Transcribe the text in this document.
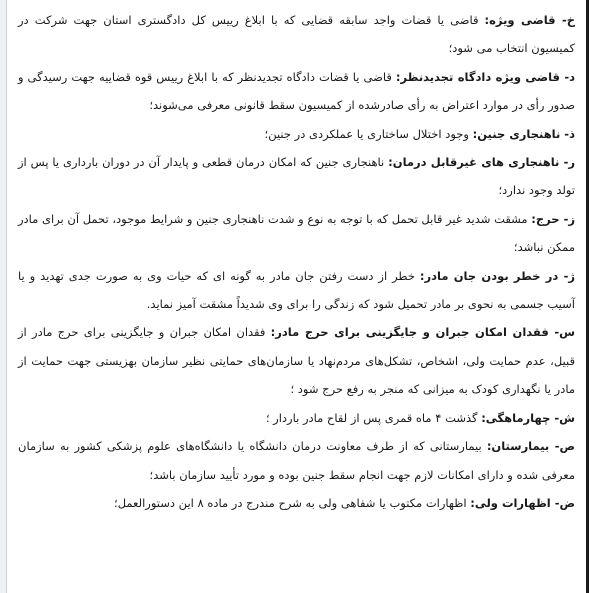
خ- قاضی ویژه: قاضی یا قضات واجد سابقه قضایی که با ابلاغ رییس کل دادگستری استان جهت شرکت در کمیسیون انتخاب می شود؛

د- قاضی ویژه دادگاه تجدیدنظر: قاضی یا قضات دادگاه تجدیدنظر که با ابلاغ رییس قوه قضاییه جهت رسیدگی و صدور رأی در موارد اعتراض به رأی صادرشده از کمیسیون سقط قانونی معرفی می‌شوند؛

ذ- ناهنجاری جنین: وجود اختلال ساختاری یا عملکردی در جنین؛

ر- ناهنجاری های غیرقابل درمان: ناهنجاری جنین که امکان درمان قطعی و پایدار آن در دوران بارداری یا پس از تولد وجود ندارد؛

ز- حرج: مشقت شدید غیر قابل تحمل که با توجه به نوع و شدت ناهنجاری جنین و شرایط موجود، تحمل آن برای مادر ممکن نباشد؛

ژ- در خطر بودن جان مادر: خطر از دست رفتن جان مادر به گونه ای که حیات وی به صورت جدی تهدید و یا آسیب جسمی به نحوی بر مادر تحمیل شود که زندگی را برای وی شدیداً مشقت آمیز نماید.

س- فقدان امکان جبران و جایگزینی برای حرج مادر: فقدان امکان جبران و جایگزینی برای حرج مادر از قبیل، عدم حمایت ولی، اشخاص، تشکل‌های مردم‌نهاد یا سازمان‌های حمایتی نظیر سازمان بهزیستی جهت حمایت از مادر یا نگهداری کودک به میزانی که منجر به رفع حرج شود ؛

ش- چهارماهگی: گذشت ۴ ماه قمری پس از لقاح مادر باردار ؛

ص- بیمارستان: بیمارستانی که از طرف معاونت درمان دانشگاه یا دانشگاه‌های علوم پزشکی کشور به سازمان معرفی شده و دارای امکانات لازم جهت انجام سقط جنین بوده و مورد تأیید سازمان باشد؛

ض- اظهارات ولی: اظهارات مکتوب یا شفاهی ولی به شرح مندرج در ماده ۸ این دستورالعمل؛
